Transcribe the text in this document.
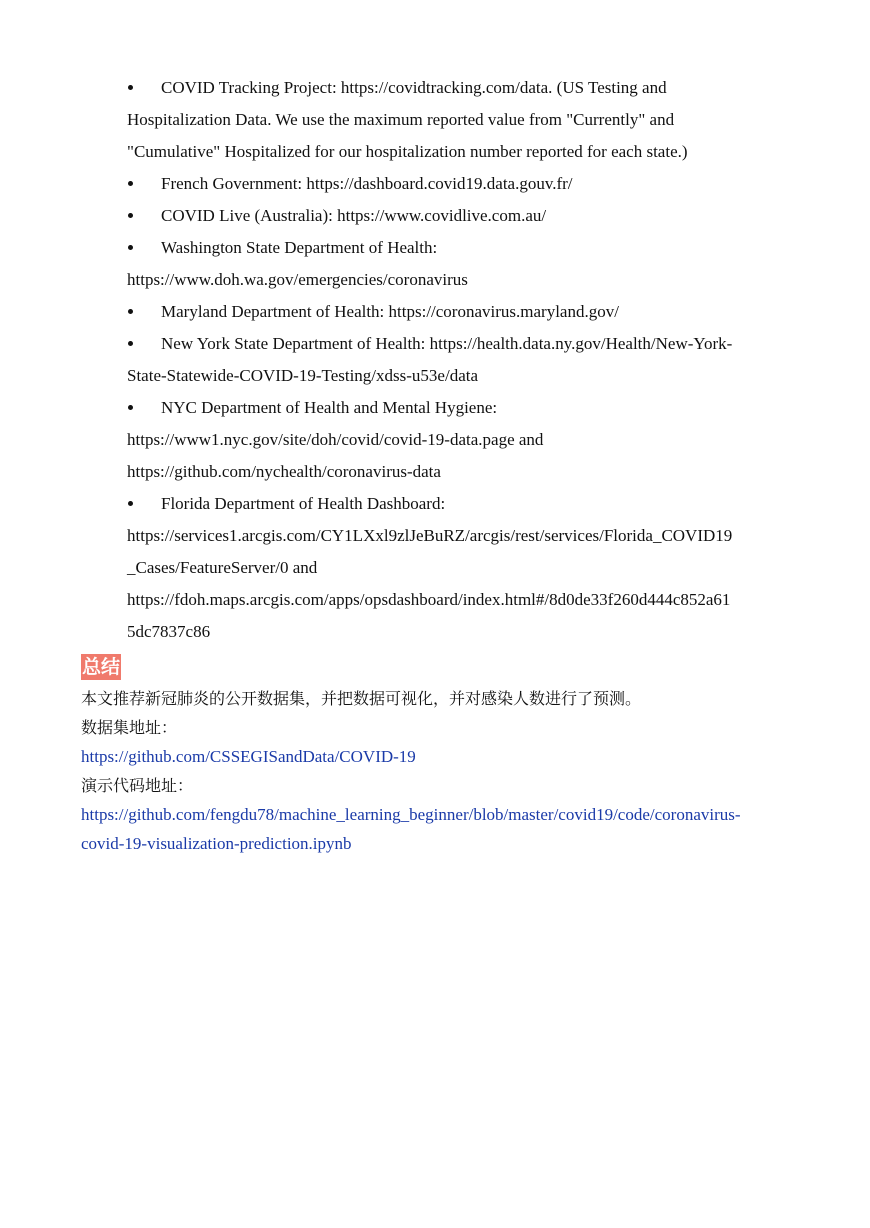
COVID Tracking Project: https://covidtracking.com/data. (US Testing and
Hospitalization Data. We use the maximum reported value from "Currently" and
"Cumulative" Hospitalized for our hospitalization number reported for each state.)
French Government: https://dashboard.covid19.data.gouv.fr/
COVID Live (Australia): https://www.covidlive.com.au/
Washington State Department of Health:
https://www.doh.wa.gov/emergencies/coronavirus
Maryland Department of Health: https://coronavirus.maryland.gov/
New York State Department of Health: https://health.data.ny.gov/Health/New-York-
State-Statewide-COVID-19-Testing/xdss-u53e/data
NYC Department of Health and Mental Hygiene:
https://www1.nyc.gov/site/doh/covid/covid-19-data.page and
https://github.com/nychealth/coronavirus-data
Florida Department of Health Dashboard:
https://services1.arcgis.com/CY1LXxl9zlJeBuRZ/arcgis/rest/services/Florida_COVID19
_Cases/FeatureServer/0 and
https://fdoh.maps.arcgis.com/apps/opsdashboard/index.html#/8d0de33f260d444c852a61
5dc7837c86
总结
本文推荐新冠肺炎的公开数据集，并把数据可视化，并对感染人数进行了预测。
数据集地址：
https://github.com/CSSEGISandData/COVID-19
演示代码地址：
https://github.com/fengdu78/machine_learning_beginner/blob/master/covid19/code/coronavirus-
covid-19-visualization-prediction.ipynb
